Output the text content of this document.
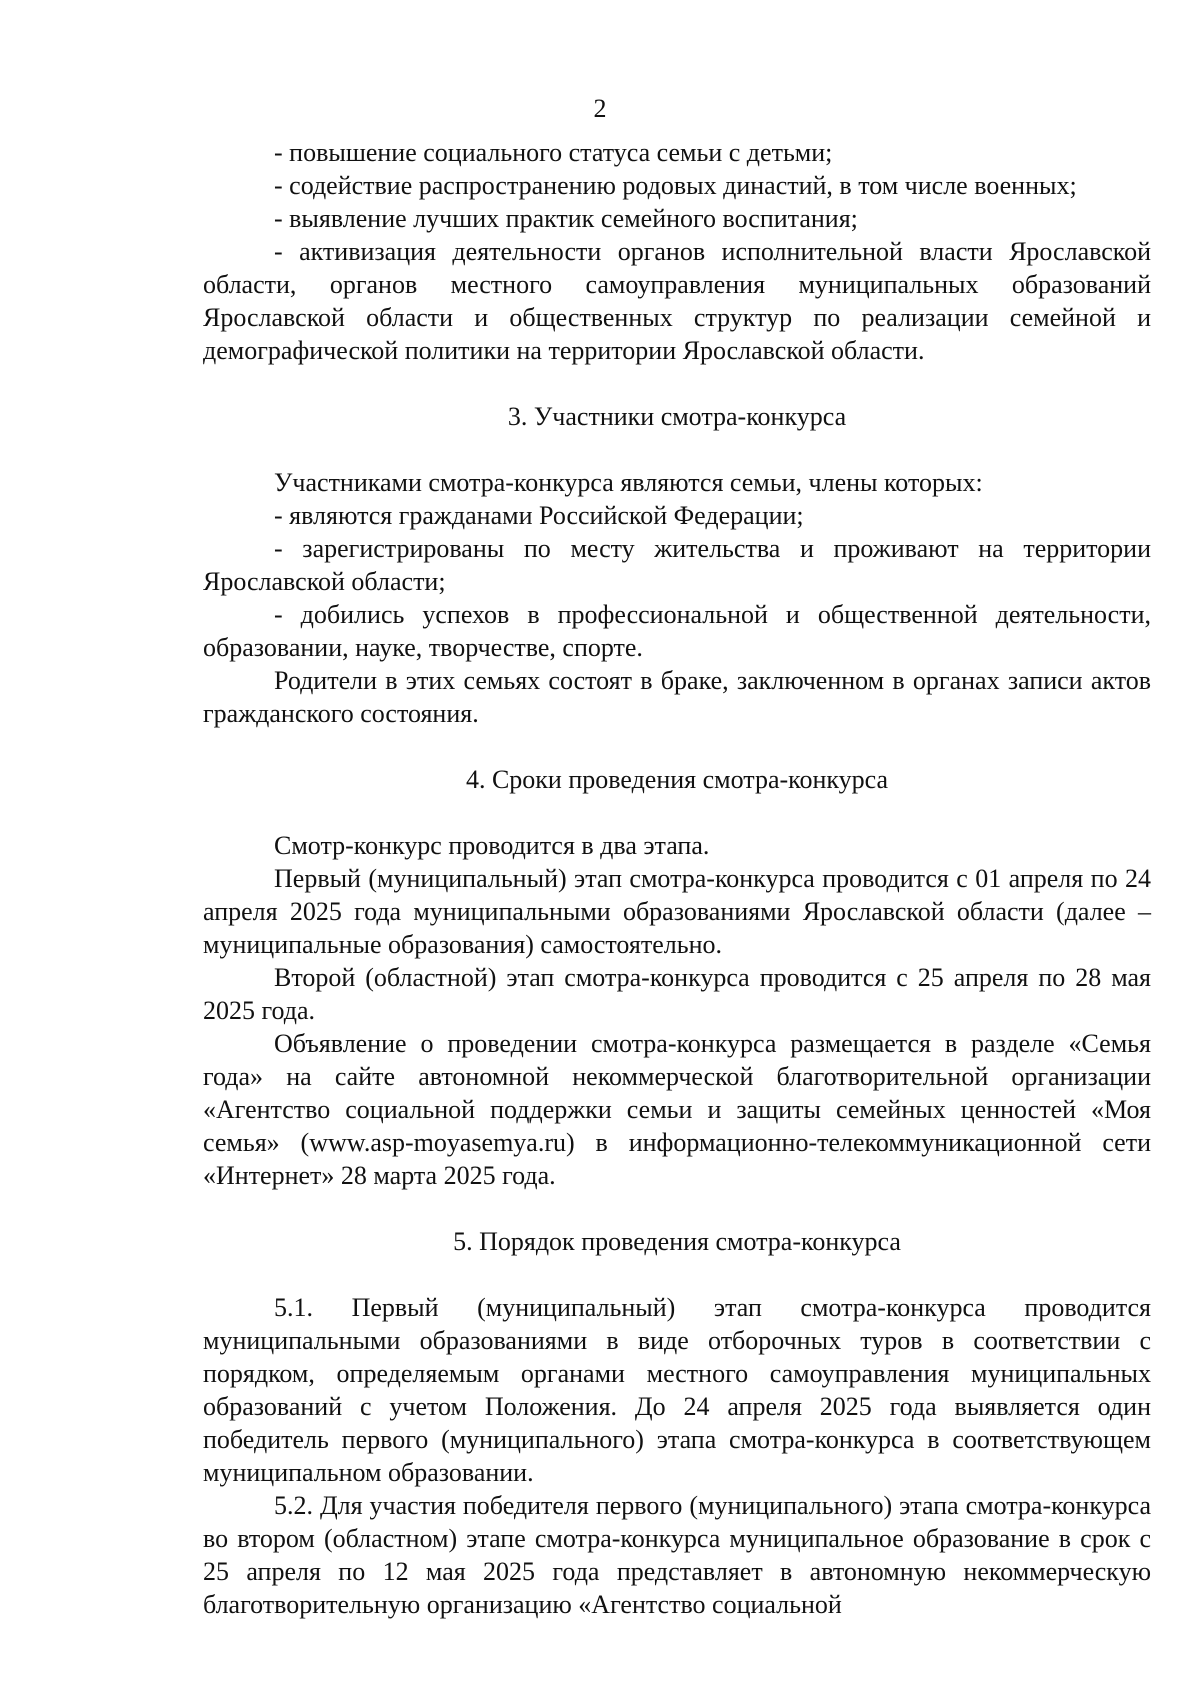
2

- повышение социального статуса семьи с детьми;

- содействие распространению родовых династий, в том числе военных;

- выявление лучших практик семейного воспитания;

- активизация деятельности органов исполнительной власти Ярославской области, органов местного самоуправления муниципальных образований Ярославской области и общественных структур по реализации семейной и демографической политики на территории Ярославской области.

3. Участники смотра-конкурса

Участниками смотра-конкурса являются семьи, члены которых:

- являются гражданами Российской Федерации;

- зарегистрированы по месту жительства и проживают на территории Ярославской области;

- добились успехов в профессиональной и общественной деятельности, образовании, науке, творчестве, спорте.

Родители в этих семьях состоят в браке, заключенном в органах записи актов гражданского состояния.

4. Сроки проведения смотра-конкурса

Смотр-конкурс проводится в два этапа.

Первый (муниципальный) этап смотра-конкурса проводится с 01 апреля по 24 апреля 2025 года муниципальными образованиями Ярославской области (далее – муниципальные образования) самостоятельно.

Второй (областной) этап смотра-конкурса проводится с 25 апреля по 28 мая 2025 года.

Объявление о проведении смотра-конкурса размещается в разделе «Семья года» на сайте автономной некоммерческой благотворительной организации «Агентство социальной поддержки семьи и защиты семейных ценностей «Моя семья» (www.asp-moyasemya.ru) в информационно-телекоммуникационной сети «Интернет» 28 марта 2025 года.

5. Порядок проведения смотра-конкурса

5.1. Первый (муниципальный) этап смотра-конкурса проводится муниципальными образованиями в виде отборочных туров в соответствии с порядком, определяемым органами местного самоуправления муниципальных образований с учетом Положения. До 24 апреля 2025 года выявляется один победитель первого (муниципального) этапа смотра-конкурса в соответствующем муниципальном образовании.

5.2. Для участия победителя первого (муниципального) этапа смотра-конкурса во втором (областном) этапе смотра-конкурса муниципальное образование в срок с 25 апреля по 12 мая 2025 года представляет в автономную некоммерческую благотворительную организацию «Агентство социальной
